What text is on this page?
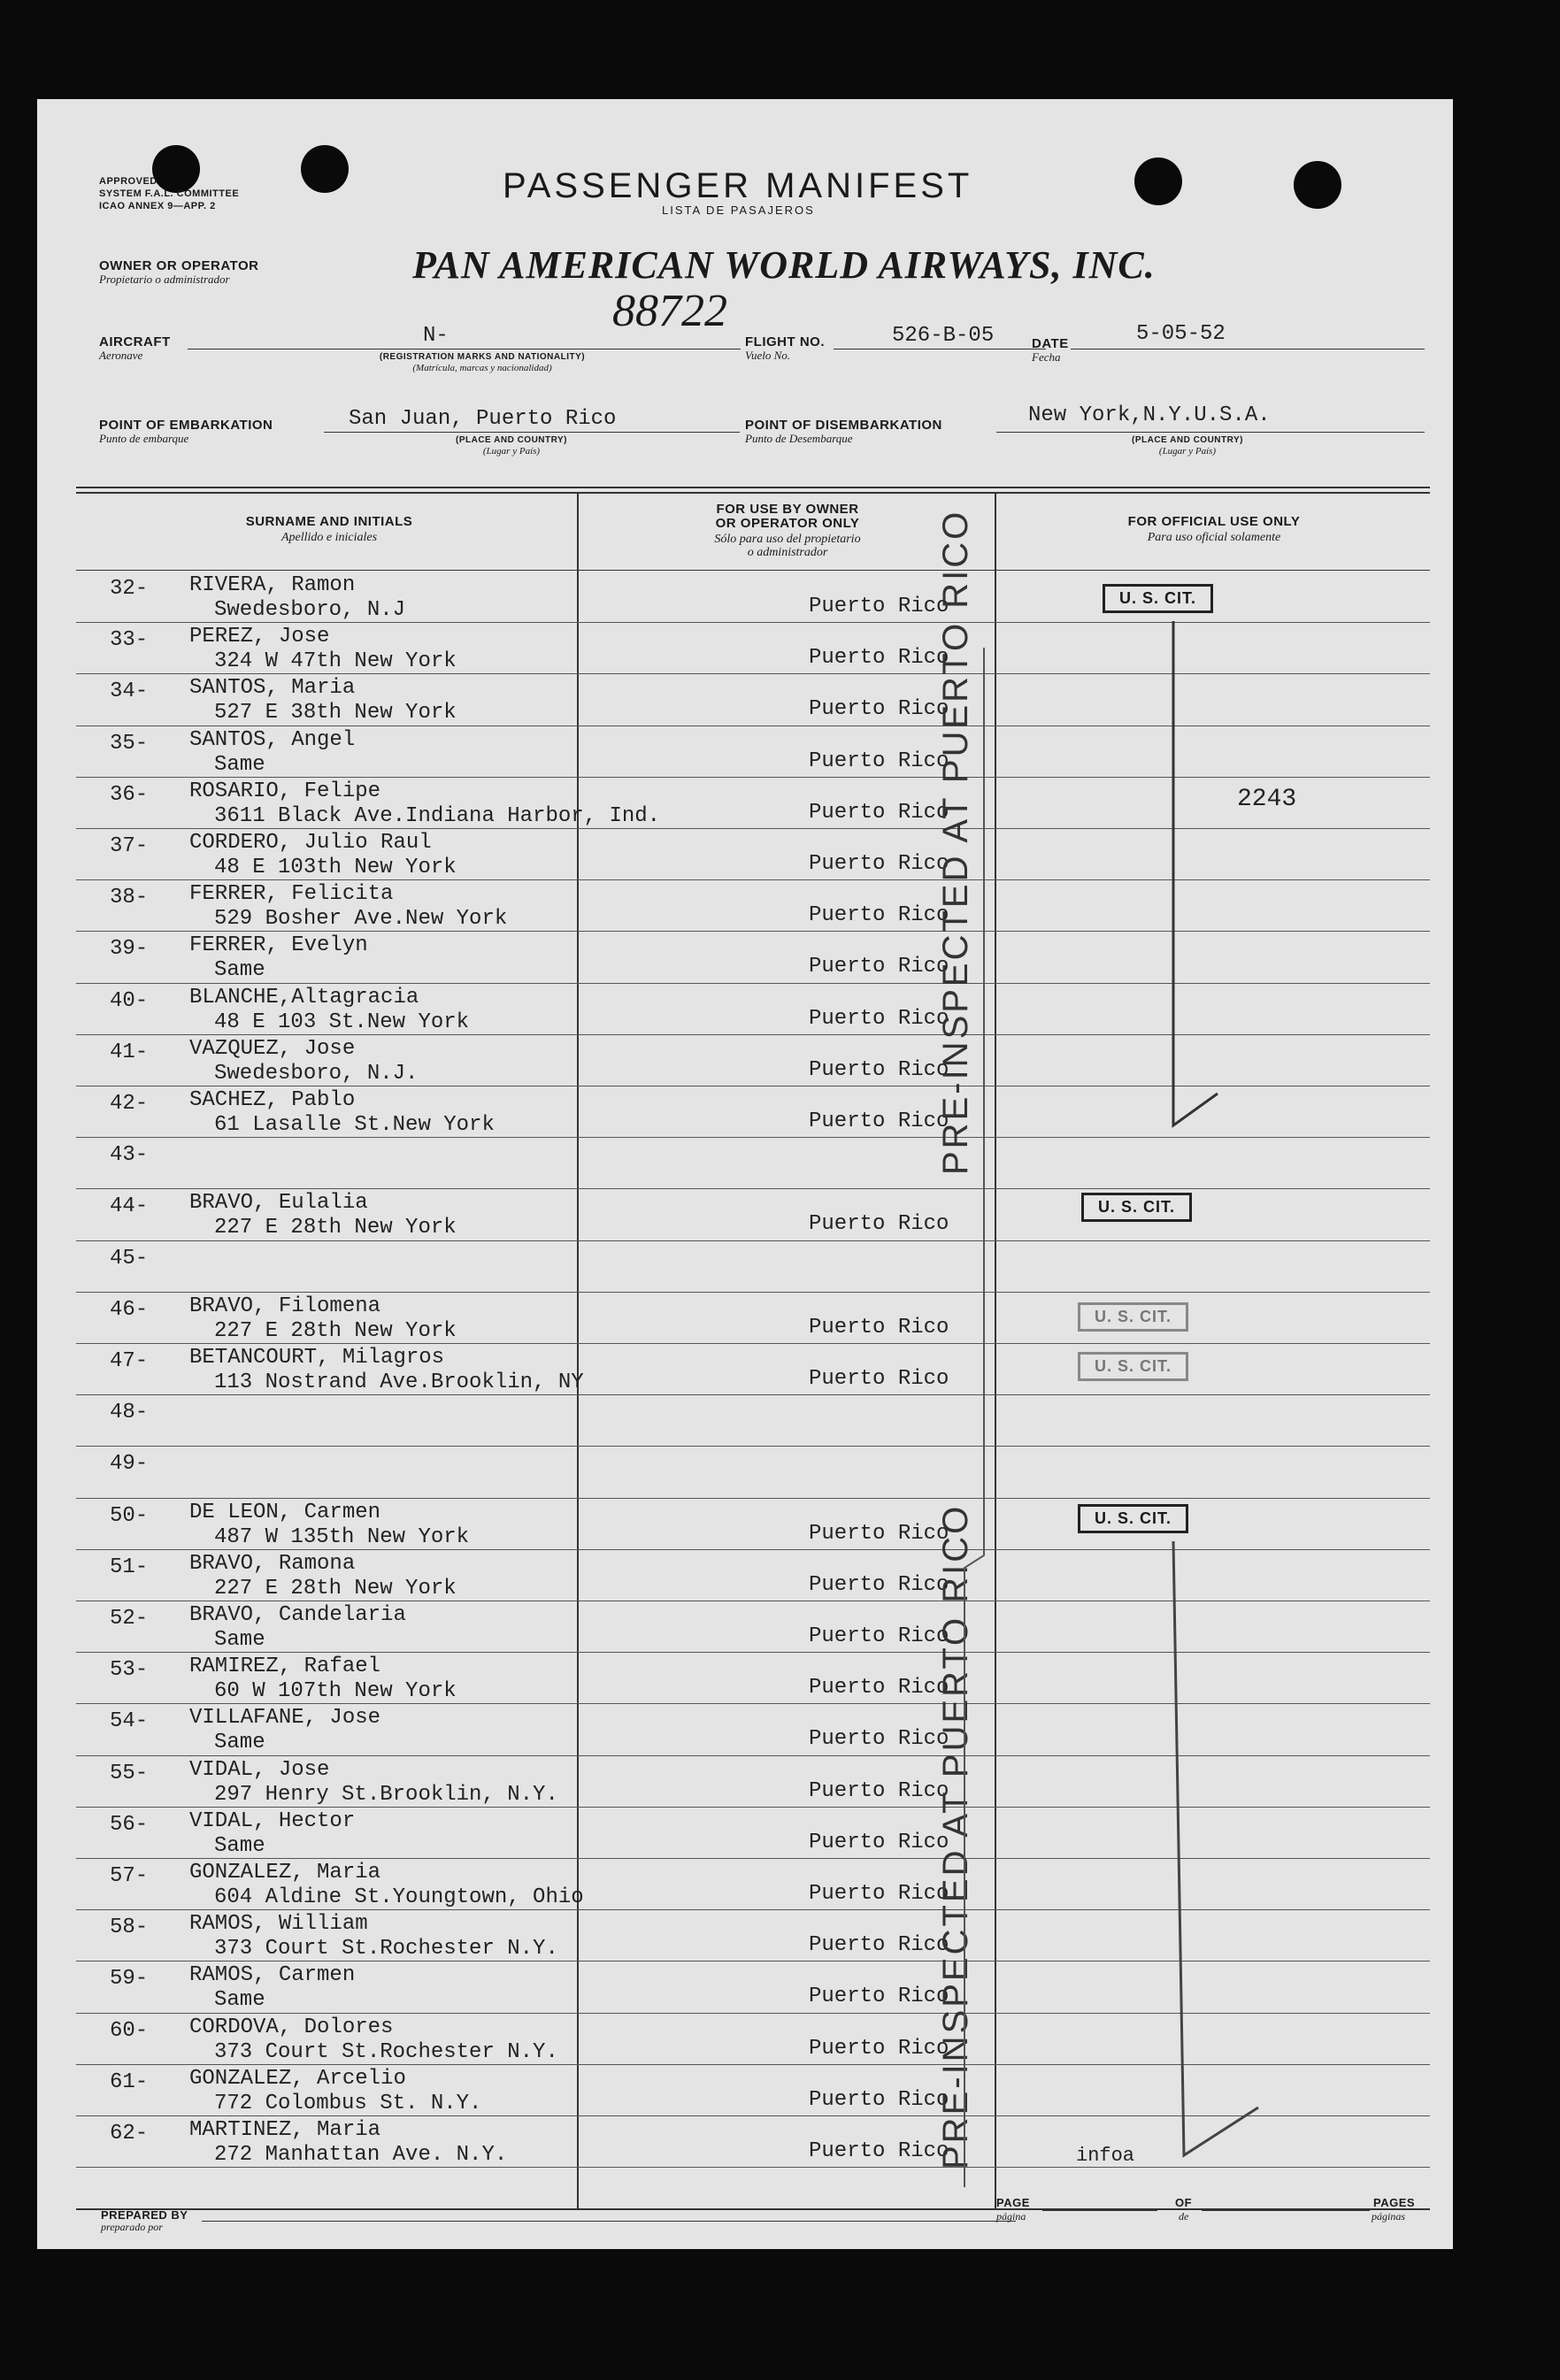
APPROVED
SYSTEM F.A.L. COMMITTEE
ICAO ANNEX 9—APP. 2
PASSENGER MANIFEST
LISTA DE PASAJEROS
OWNER OR OPERATOR
Propietario o administrador	PAN AMERICAN WORLD AIRWAYS, INC.
88722
AIRCRAFT
Aeronave
N-
(REGISTRATION MARKS AND NATIONALITY)
(Matrícula, marcas y nacionalidad)
FLIGHT NO.
Vuelo No.
526-B-05	DATE
Fecha
5-05-52
POINT OF EMBARKATION
Punto de embarque
San Juan, Puerto Rico
(PLACE AND COUNTRY)
(Lugar y País)
POINT OF DISEMBARKATION
Punto de Desembarque
New York,N.Y.U.S.A.
(PLACE AND COUNTRY)
(Lugar y País)
SURNAME AND INITIALS
Apellido e iniciales
FOR USE BY OWNER
OR OPERATOR ONLY
Sólo para uso del propietario
o administrador
FOR OFFICIAL USE ONLY
Para uso oficial solamente
32- RIVERA, Ramon
Swedesboro, N.J	Puerto Rico
33- PEREZ, Jose
324 W 47th New York	Puerto Rico
34- SANTOS, Maria
527 E 38th New York	Puerto Rico
35- SANTOS, Angel
Same	Puerto Rico
36- ROSARIO, Felipe
3611 Black Ave.Indiana Harbor, Ind.	Puerto Rico
37- CORDERO, Julio Raul
48 E 103th New York	Puerto Rico
38- FERRER, Felicita
529 Bosher Ave.New York	Puerto Rico
39- FERRER, Evelyn
Same	Puerto Rico
40- BLANCHE,Altagracia
48 E 103 St.New York	Puerto Rico
41- VAZQUEZ, Jose
Swedesboro, N.J.	Puerto Rico
42- SACHEZ, Pablo
61 Lasalle St.New York	Puerto Rico
43-
44- BRAVO, Eulalia
227 E 28th New York	Puerto Rico
45-
46- BRAVO, Filomena
227 E 28th New York	Puerto Rico
47- BETANCOURT, Milagros
113 Nostrand Ave.Brooklin, NY	Puerto Rico
48-
49-
50- DE LEON, Carmen
487 W 135th New York	Puerto Rico
51- BRAVO, Ramona
227 E 28th New York	Puerto Rico
52- BRAVO, Candelaria
Same	Puerto Rico
53- RAMIREZ, Rafael
60 W 107th New York	Puerto Rico
54- VILLAFANE, Jose
Same	Puerto Rico
55- VIDAL, Jose
297 Henry St.Brooklin, N.Y.	Puerto Rico
56- VIDAL, Hector
Same	Puerto Rico
57- GONZALEZ, Maria
604 Aldine St.Youngtown, Ohio	Puerto Rico
58- RAMOS, William
373 Court St.Rochester N.Y.	Puerto Rico
59- RAMOS, Carmen
Same	Puerto Rico
60- CORDOVA, Dolores
373 Court St.Rochester N.Y.	Puerto Rico
61- GONZALEZ, Arcelio
772 Colombus St. N.Y.	Puerto Rico
62- MARTINEZ, Maria
272 Manhattan Ave. N.Y.	Puerto Rico
U. S. CIT.
U. S. CIT.
U. S. CIT.
U. S. CIT.
U. S. CIT.
2243
infoa
PRE-INSPECTED AT PUERTO RICO
PRE-INSPECTED AT PUERTO RICO
PREPARED BY
preparado por
PAGE
página
OF
de
PAGES
páginas
